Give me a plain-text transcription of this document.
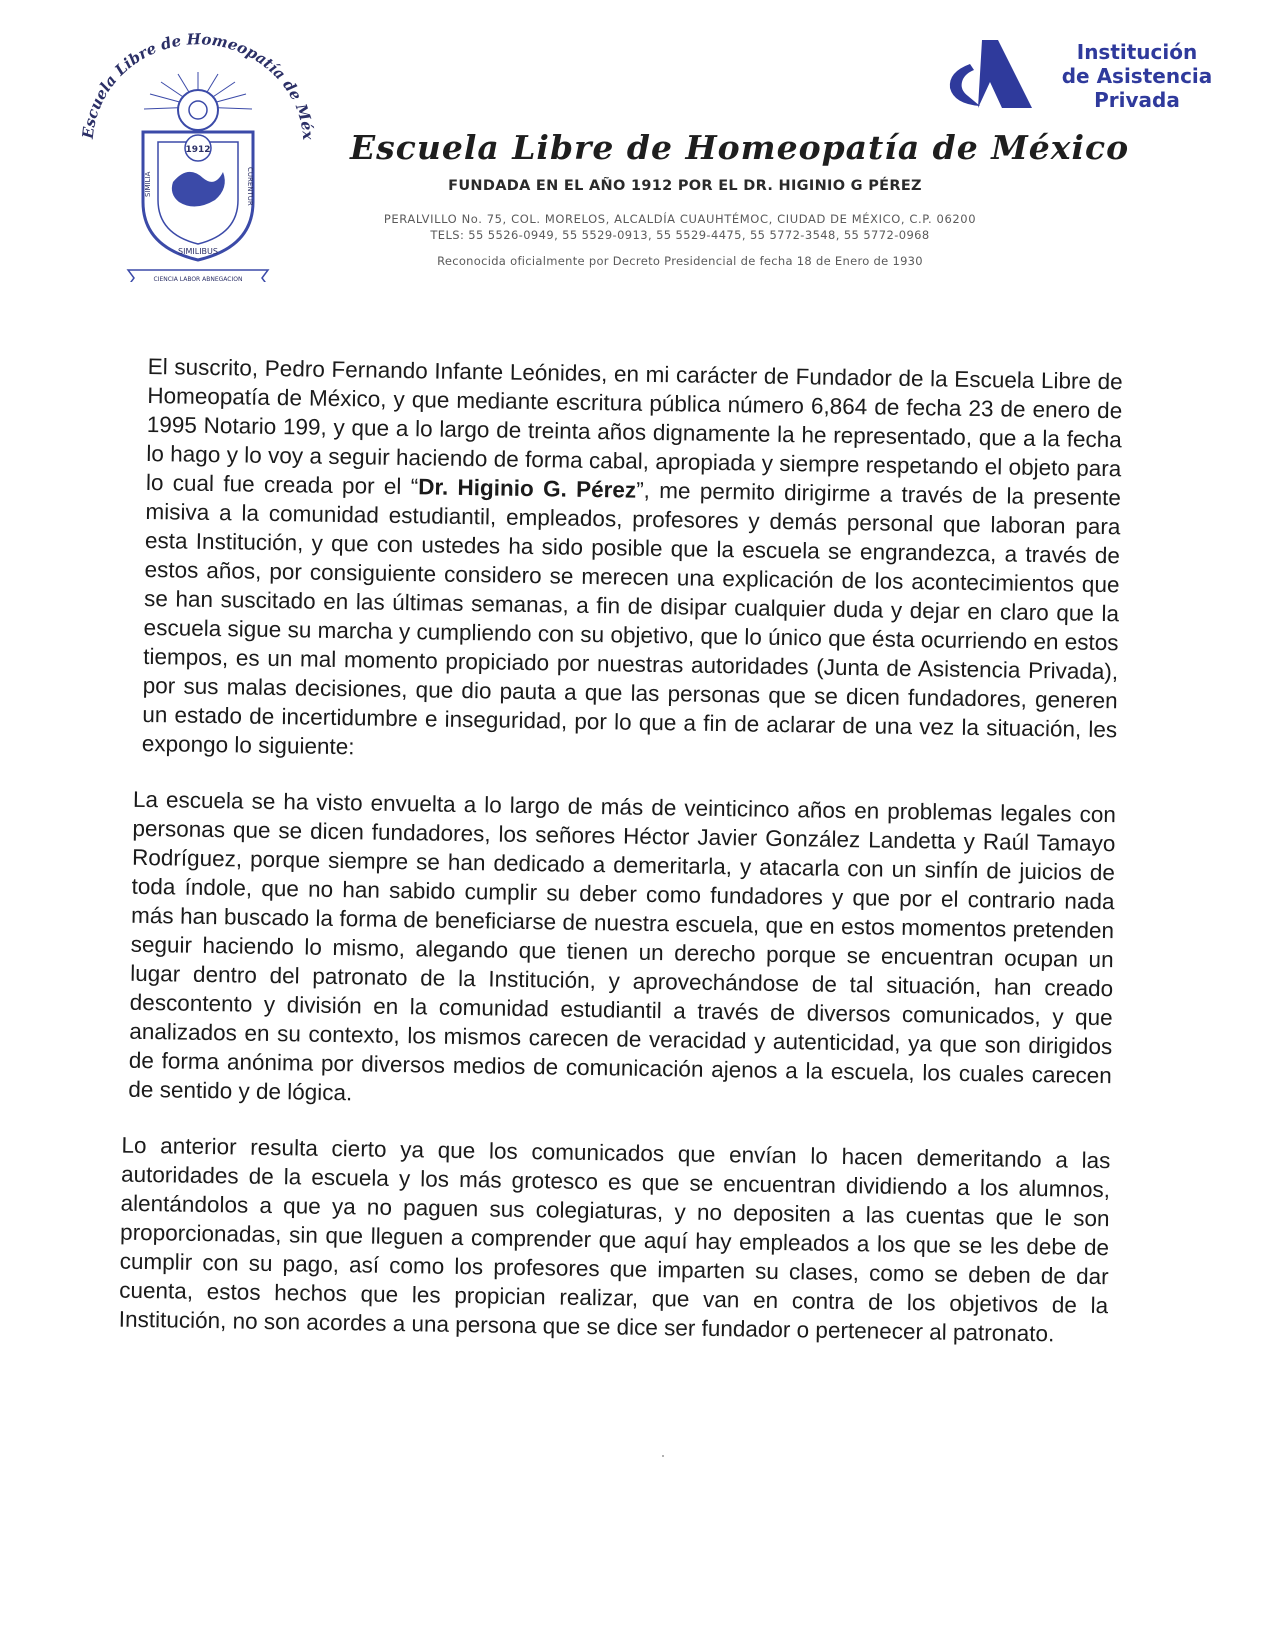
Escuela Libre de Homeopatía de Méx
1912
SIMILIA	CURENTUR
SIMILIBUS
CIENCIA LABOR ABNEGACION
Institución
de Asistencia
Privada
Escuela Libre de Homeopatía de México
FUNDADA EN EL AÑO 1912 POR EL DR. HIGINIO G PÉREZ
PERALVILLO No. 75, COL. MORELOS, ALCALDÍA CUAUHTÉMOC, CIUDAD DE MÉXICO, C.P. 06200
TELS: 55 5526-0949, 55 5529-0913, 55 5529-4475, 55 5772-3548, 55 5772-0968
Reconocida oficialmente por Decreto Presidencial de fecha 18 de Enero de 1930

El suscrito, Pedro Fernando Infante Leónides, en mi carácter de Fundador de la Escuela Libre de Homeopatía de México, y que mediante escritura pública número 6,864 de fecha 23 de enero de 1995 Notario 199, y que a lo largo de treinta años dignamente la he representado, que a la fecha lo hago y lo voy a seguir haciendo de forma cabal, apropiada y siempre respetando el objeto para lo cual fue creada por el “Dr. Higinio G. Pérez”, me permito dirigirme a través de la presente misiva a la comunidad estudiantil, empleados, profesores y demás personal que laboran para esta Institución, y que con ustedes ha sido posible que la escuela se engrandezca, a través de estos años, por consiguiente considero se merecen una explicación de los acontecimientos que se han suscitado en las últimas semanas, a fin de disipar cualquier duda y dejar en claro que la escuela sigue su marcha y cumpliendo con su objetivo, que lo único que ésta ocurriendo en estos tiempos, es un mal momento propiciado por nuestras autoridades (Junta de Asistencia Privada), por sus malas decisiones, que dio pauta a que las personas que se dicen fundadores, generen un estado de incertidumbre e inseguridad, por lo que a fin de aclarar de una vez la situación, les expongo lo siguiente:

La escuela se ha visto envuelta a lo largo de más de veinticinco años en problemas legales con personas que se dicen fundadores, los señores Héctor Javier González Landetta y Raúl Tamayo Rodríguez, porque siempre se han dedicado a demeritarla, y atacarla con un sinfín de juicios de toda índole, que no han sabido cumplir su deber como fundadores y que por el contrario nada más han buscado la forma de beneficiarse de nuestra escuela, que en estos momentos pretenden seguir haciendo lo mismo, alegando que tienen un derecho porque se encuentran ocupan un lugar dentro del patronato de la Institución, y aprovechándose de tal situación, han creado descontento y división en la comunidad estudiantil a través de diversos comunicados, y que analizados en su contexto, los mismos carecen de veracidad y autenticidad, ya que son dirigidos de forma anónima por diversos medios de comunicación ajenos a la escuela, los cuales carecen de sentido y de lógica.

Lo anterior resulta cierto ya que los comunicados que envían lo hacen demeritando a las autoridades de la escuela y los más grotesco es que se encuentran dividiendo a los alumnos, alentándolos a que ya no paguen sus colegiaturas, y no depositen a las cuentas que le son proporcionadas, sin que lleguen a comprender que aquí hay empleados a los que se les debe de cumplir con su pago, así como los profesores que imparten su clases, como se deben de dar cuenta, estos hechos que les propician realizar, que van en contra de los objetivos de la Institución, no son acordes a una persona que se dice ser fundador o pertenecer al patronato.
